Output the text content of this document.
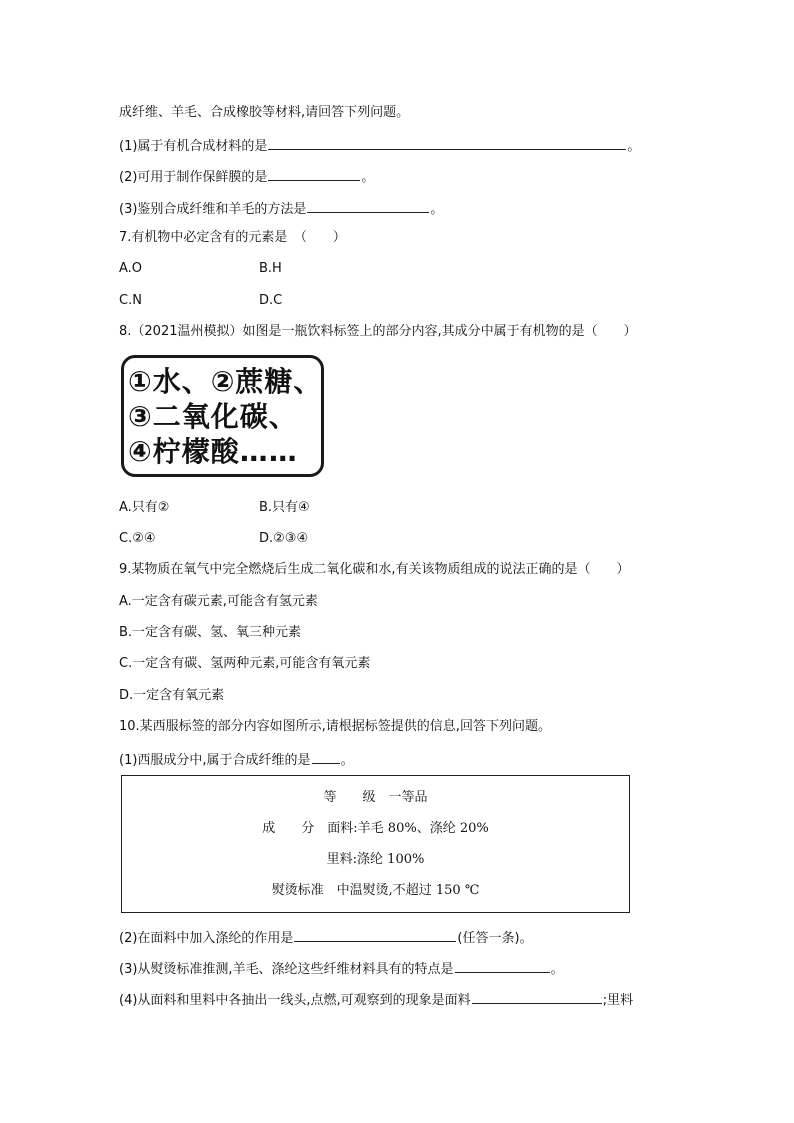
成纤维、羊毛、合成橡胶等材料,请回答下列问题。
(1)属于有机合成材料的是	。
(2)可用于制作保鲜膜的是	。
(3)鉴别合成纤维和羊毛的方法是	。
7.有机物中必定含有的元素是　（　　）
A.O	B.H
C.N	D.C
8.（2021温州模拟）如图是一瓶饮料标签上的部分内容,其成分中属于有机物的是（　　）
①水、②蔗糖、
③二氧化碳、
④柠檬酸……
A.只有②	B.只有④
C.②④	D.②③④
9.某物质在氧气中完全燃烧后生成二氧化碳和水,有关该物质组成的说法正确的是（　　）
A.一定含有碳元素,可能含有氢元素
B.一定含有碳、氢、氧三种元素
C.一定含有碳、氢两种元素,可能含有氧元素
D.一定含有氧元素
10.某西服标签的部分内容如图所示,请根据标签提供的信息,回答下列问题。
(1)西服成分中,属于合成纤维的是 。
等　　级　一等品
成　　分　面料:羊毛 80%、涤纶 20%
里料:涤纶 100%
熨烫标准　中温熨烫,不超过 150 ℃
(2)在面料中加入涤纶的作用是	(任答一条)。
(3)从熨烫标准推测,羊毛、涤纶这些纤维材料具有的特点是	。
(4)从面料和里料中各抽出一线头,点燃,可观察到的现象是面料	;里料
